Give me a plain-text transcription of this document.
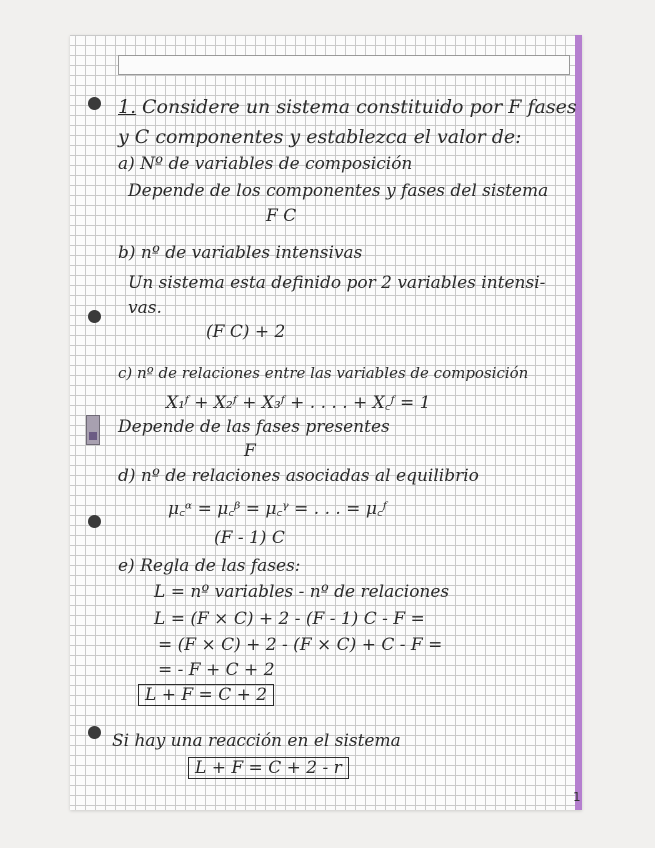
1. Considere un sistema constituido por F fases
y C componentes y establezca el valor de:
a) Nº de variables de composición
Depende de los componentes y fases del sistema
F C
b) nº de variables intensivas
Un sistema esta definido por 2 variables intensi-
vas.
(F C) + 2
c) nº de relaciones entre las variables de composición
X₁ᶠ + X₂ᶠ + X₃ᶠ + . . . . + X꜀ᶠ = 1
Depende de las fases presentes
F
d) nº de relaciones asociadas al equilibrio
μ꜀ᵅ = μ꜀ᵝ = μ꜀ᵞ = . . . = μ꜀ᶠ
(F - 1) C
e) Regla de las fases:
L = nº variables - nº de relaciones
L = (F × C) + 2 - (F - 1) C - F =
= (F × C) + 2 - (F × C) + C - F =
= - F + C + 2
L + F = C + 2
Si hay una reacción en el sistema
L + F = C + 2 - r
1
